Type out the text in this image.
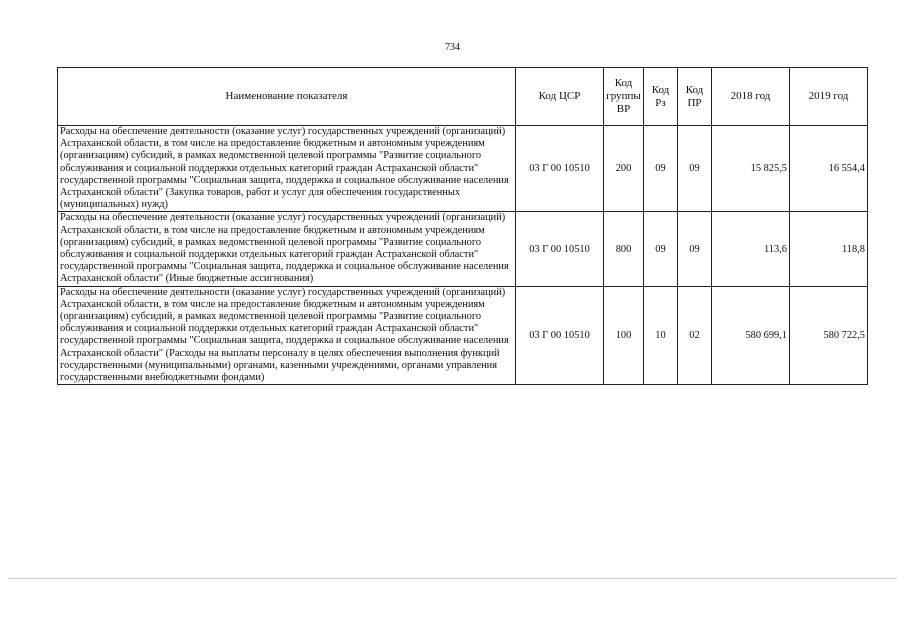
734
Наименование показателя	Код ЦСР	Код группы ВР	Код Рз	Код ПР	2018 год	2019 год
Расходы на обеспечение деятельности (оказание услуг) государственных учреждений (организаций) Астраханской области, в том числе на предоставление бюджетным и автономным учреждениям (организациям) субсидий, в рамках ведомственной целевой программы "Развитие социального обслуживания и социальной поддержки отдельных категорий граждан Астраханской области" государственной программы "Социальная защита, поддержка и социальное обслуживание населения Астраханской области" (Закупка товаров, работ и услуг для обеспечения государственных (муниципальных) нужд)	03 Г 00 10510	200	09	09	15 825,5	16 554,4
Расходы на обеспечение деятельности (оказание услуг) государственных учреждений (организаций) Астраханской области, в том числе на предоставление бюджетным и автономным учреждениям (организациям) субсидий, в рамках ведомственной целевой программы "Развитие социального обслуживания и социальной поддержки отдельных категорий граждан Астраханской области" государственной программы "Социальная защита, поддержка и социальное обслуживание населения Астраханской области" (Иные бюджетные ассигнования)	03 Г 00 10510	800	09	09	113,6	118,8
Расходы на обеспечение деятельности (оказание услуг) государственных учреждений (организаций) Астраханской области, в том числе на предоставление бюджетным и автономным учреждениям (организациям) субсидий, в рамках ведомственной целевой программы "Развитие социального обслуживания и социальной поддержки отдельных категорий граждан Астраханской области" государственной программы "Социальная защита, поддержка и социальное обслуживание населения Астраханской области" (Расходы на выплаты персоналу в целях обеспечения выполнения функций государственными (муниципальными) органами, казенными учреждениями, органами управления государственными внебюджетными фондами)	03 Г 00 10510	100	10	02	580 699,1	580 722,5
